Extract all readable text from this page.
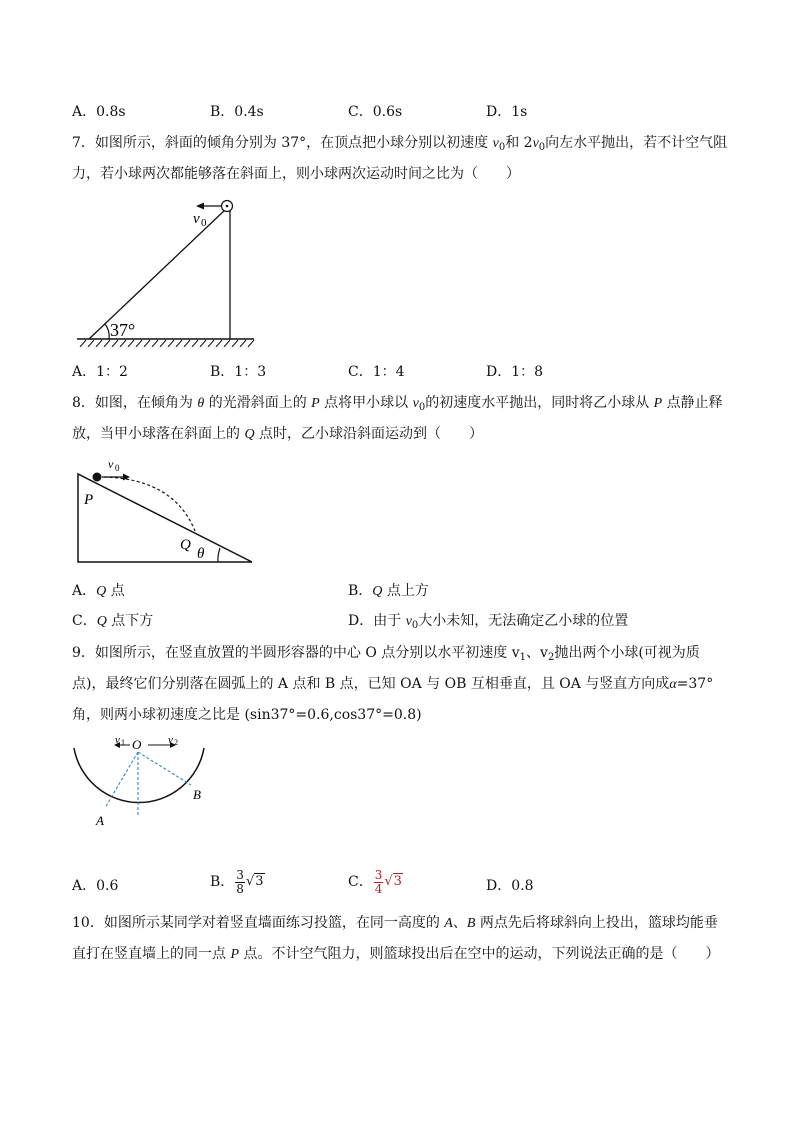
A．0.8s	B．0.4s	C．0.6s	D．1s
7．如图所示，斜面的倾角分别为 37°，在顶点把小球分别以初速度 $v_0$和 $2v_0$向左水平抛出，若不计空气阻
力，若小球两次都能够落在斜面上，则小球两次运动时间之比为（　　）
v 0
37°
A．1：2	B．1：3	C．1：4	D．1：8
8．如图，在倾角为 θ 的光滑斜面上的 P 点将甲小球以 $v_0$的初速度水平抛出，同时将乙小球从 P 点静止释
放，当甲小球落在斜面上的 Q 点时，乙小球沿斜面运动到（　　）
v 0
P
Q
θ
A．Q 点	B．Q 点上方
C．Q 点下方	D．由于 $v_0$大小未知，无法确定乙小球的位置
9．如图所示，在竖直放置的半圆形容器的中心 O 点分别以水平初速度 $v_1$、$v_2$抛出两个小球(可视为质
点)，最终它们分别落在圆弧上的 A 点和 B 点，已知 OA 与 OB 互相垂直，且 OA 与竖直方向成α=37°
角，则两小球初速度之比是 (sin37°=0.6,cos37°=0.8)
O
v 1	v 2
A
B
A．0.6	B． $\frac{3}{8} √3$	C． $\frac{3}{4} √3$	D．0.8
10．如图所示某同学对着竖直墙面练习投篮，在同一高度的 A、B 两点先后将球斜向上投出，篮球均能垂
直打在竖直墙上的同一点 P 点。不计空气阻力，则篮球投出后在空中的运动，下列说法正确的是（　　）
